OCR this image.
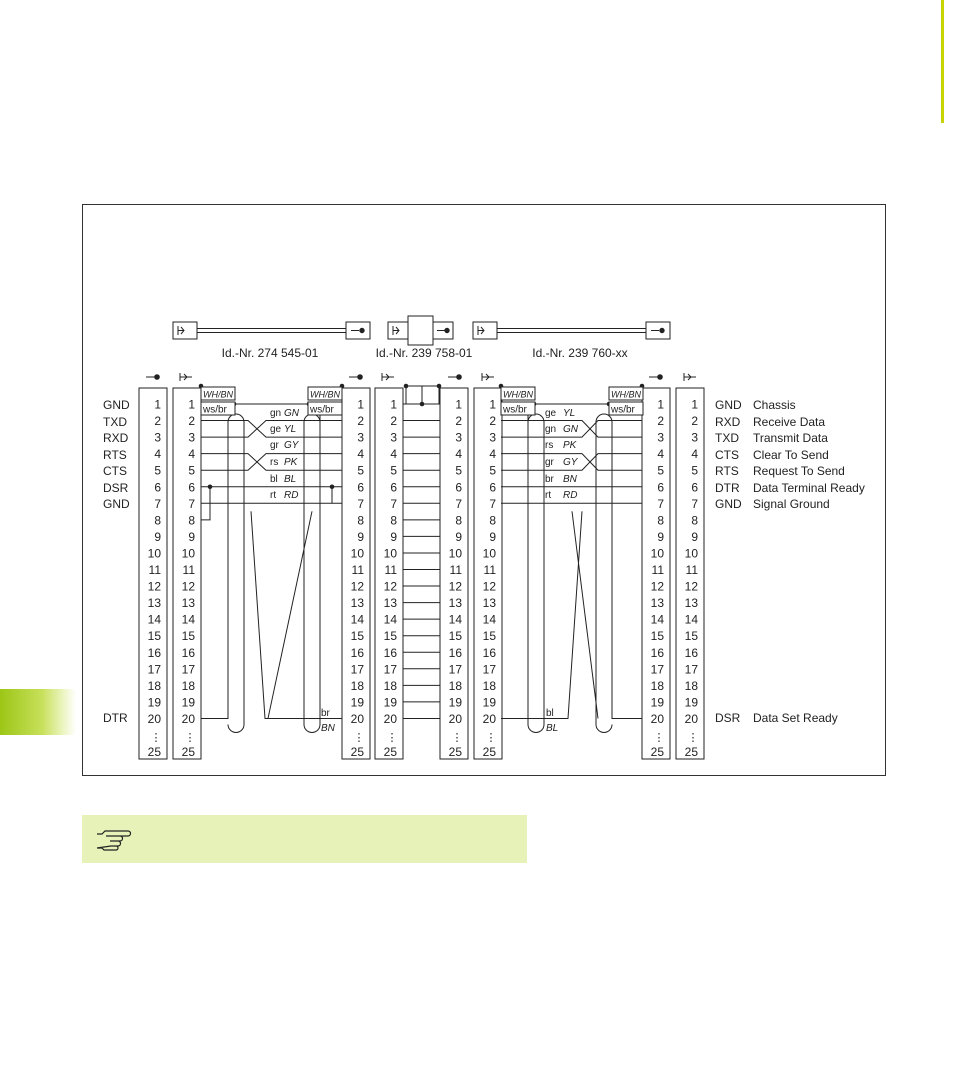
Id.-Nr. 274 545-01	Id.-Nr. 239 758-01	Id.-Nr. 239 760-xx
1
2
3
4
5
6
7
8
9
10
11
12
13
14
15
16
17
18
19
20
⋮
25
1
2
3
4
5
6
7
8
9
10
11
12
13
14
15
16
17
18
19
20
⋮
25
1
2
3
4
5
6
7
8
9
10
11
12
13
14
15
16
17
18
19
20
⋮
25
1
2
3
4
5
6
7
8
9
10
11
12
13
14
15
16
17
18
19
20
⋮
25
1
2
3
4
5
6
7
8
9
10
11
12
13
14
15
16
17
18
19
20
⋮
25
1
2
3
4
5
6
7
8
9
10
11
12
13
14
15
16
17
18
19
20
⋮
25
1
2
3
4
5
6
7
8
9
10
11
12
13
14
15
16
17
18
19
20
⋮
25
1
2
3
4
5
6
7
8
9
10
11
12
13
14
15
16
17
18
19
20
⋮
25
WH/BN
ws/br
WH/BN
ws/br
gn GN
ge YL
gr GY
rs PK
bl BL
rt RD
br
BN
WH/BN
ws/br
WH/BN
ws/br
ge YL
gn GN
rs PK
gr GY
br BN
rt RD
bl
BL
GND
TXD
RXD
RTS
CTS
DSR
GND
DTR
GND Chassis
RXD Receive Data
TXD Transmit Data
CTS Clear To Send
RTS Request To Send
DTR Data Terminal Ready
GND Signal Ground
DSR Data Set Ready
